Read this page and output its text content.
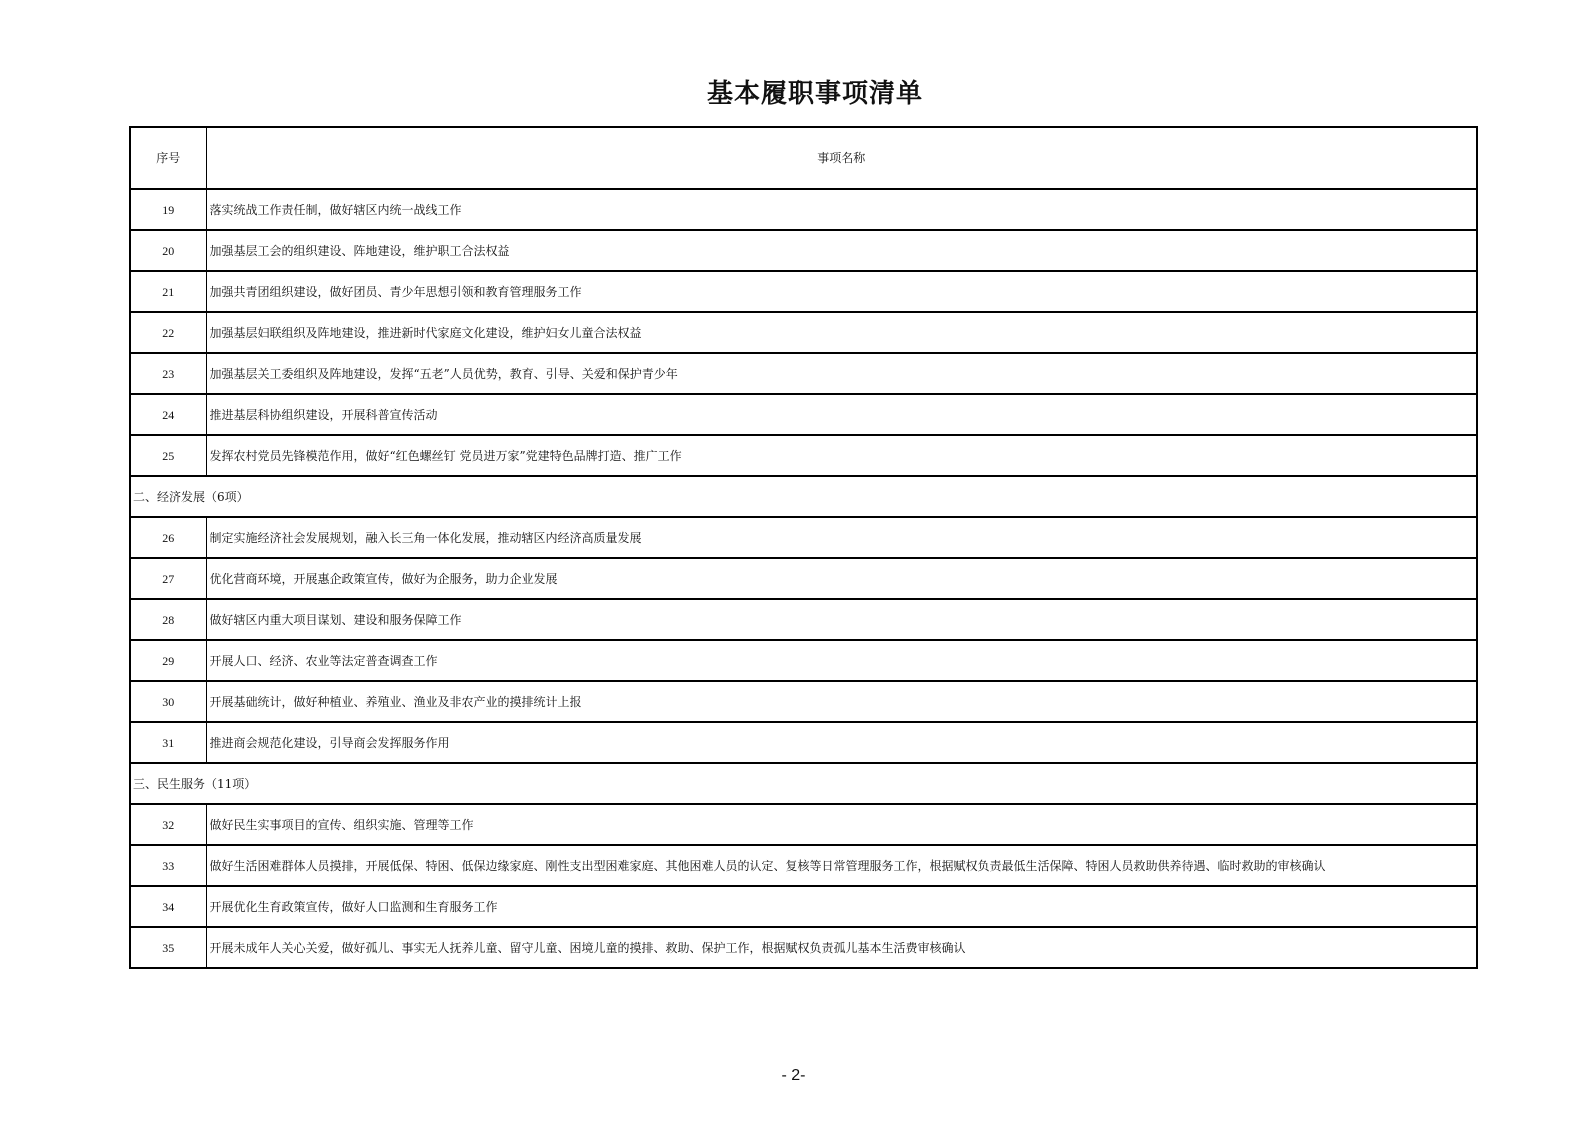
基本履职事项清单
序号	事项名称
19	落实统战工作责任制，做好辖区内统一战线工作
20	加强基层工会的组织建设、阵地建设，维护职工合法权益
21	加强共青团组织建设，做好团员、青少年思想引领和教育管理服务工作
22	加强基层妇联组织及阵地建设，推进新时代家庭文化建设，维护妇女儿童合法权益
23	加强基层关工委组织及阵地建设，发挥“五老”人员优势，教育、引导、关爱和保护青少年
24	推进基层科协组织建设，开展科普宣传活动
25	发挥农村党员先锋模范作用，做好“红色螺丝钉 党员进万家”党建特色品牌打造、推广工作
二、经济发展（6项）	
26	制定实施经济社会发展规划，融入长三角一体化发展，推动辖区内经济高质量发展
27	优化营商环境，开展惠企政策宣传，做好为企服务，助力企业发展
28	做好辖区内重大项目谋划、建设和服务保障工作
29	开展人口、经济、农业等法定普查调查工作
30	开展基础统计，做好种植业、养殖业、渔业及非农产业的摸排统计上报
31	推进商会规范化建设，引导商会发挥服务作用
三、民生服务（11项）	
32	做好民生实事项目的宣传、组织实施、管理等工作
33	做好生活困难群体人员摸排，开展低保、特困、低保边缘家庭、刚性支出型困难家庭、其他困难人员的认定、复核等日常管理服务工作，根据赋权负责最低生活保障、特困人员救助供养待遇、临时救助的审核确认
34	开展优化生育政策宣传，做好人口监测和生育服务工作
35	开展未成年人关心关爱，做好孤儿、事实无人抚养儿童、留守儿童、困境儿童的摸排、救助、保护工作，根据赋权负责孤儿基本生活费审核确认
- 2-
